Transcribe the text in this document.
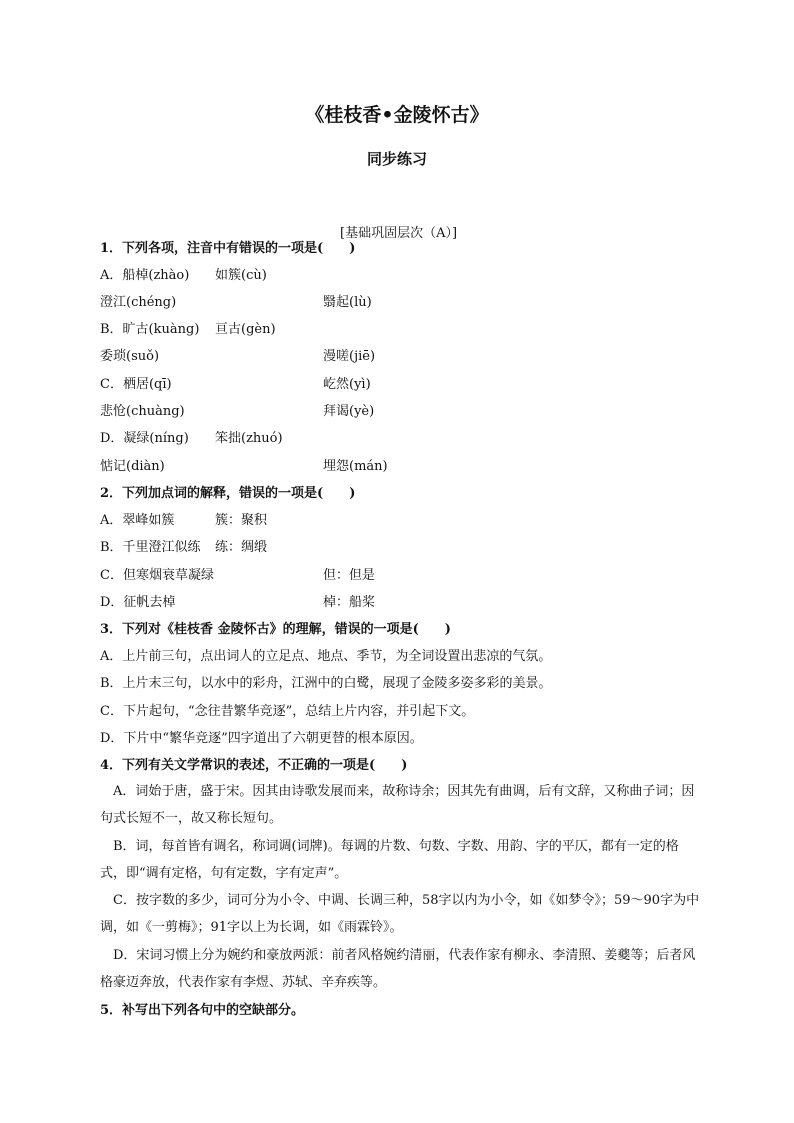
《桂枝香•金陵怀古》
同步练习
[基础巩固层次（A）]
1．下列各项，注音中有错误的一项是(　　)
A．船棹(zhào) 如簇(cù)
澄江(chéng)	翳起(lù)
B．旷古(kuàng) 亘古(gèn)
委琐(suǒ)	漫嗟(jiē)
C．栖居(qī)	屹然(yì)
悲怆(chuàng)	拜谒(yè)
D．凝绿(níng) 笨拙(zhuó)
惦记(diàn)	埋怨(mán)
2．下列加点词的解释，错误的一项是(　　)
A．翠峰如簇	簇：聚积
B．千里澄江似练 练：绸缎
C．但寒烟衰草凝绿	但：但是
D．征帆去棹	棹：船桨
3．下列对《桂枝香 金陵怀古》的理解，错误的一项是(　　)
A．上片前三句，点出词人的立足点、地点、季节，为全词设置出悲凉的气氛。
B．上片末三句，以水中的彩舟，江洲中的白鹭，展现了金陵多姿多彩的美景。
C．下片起句，“念往昔繁华竞逐”，总结上片内容，并引起下文。
D．下片中“繁华竞逐”四字道出了六朝更替的根本原因。
4．下列有关文学常识的表述，不正确的一项是(　　)
A．词始于唐，盛于宋。因其由诗歌发展而来，故称诗余；因其先有曲调，后有文辞，又称曲子词；因句式长短不一，故又称长短句。
B．词，每首皆有调名，称词调(词牌)。每调的片数、句数、字数、用韵、字的平仄，都有一定的格式，即“调有定格，句有定数，字有定声”。
C．按字数的多少，词可分为小令、中调、长调三种，58字以内为小令，如《如梦令》；59～90字为中调，如《一剪梅》；91字以上为长调，如《雨霖铃》。
D．宋词习惯上分为婉约和豪放两派：前者风格婉约清丽，代表作家有柳永、李清照、姜夔等；后者风格豪迈奔放，代表作家有李煜、苏轼、辛弃疾等。
5．补写出下列各句中的空缺部分。
